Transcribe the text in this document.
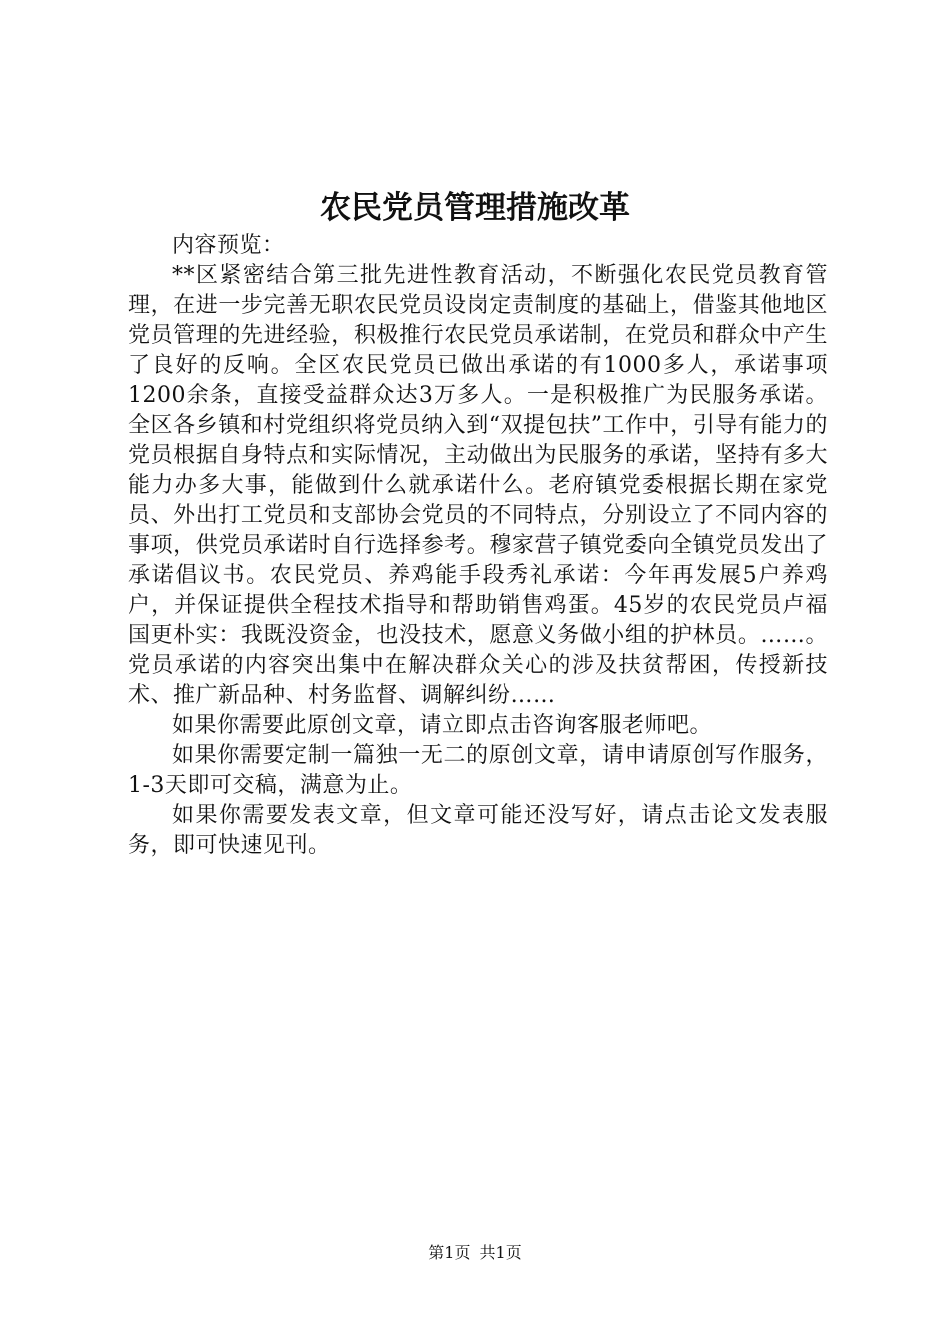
农民党员管理措施改革

内容预览：

**区紧密结合第三批先进性教育活动，不断强化农民党员教育管理，在进一步完善无职农民党员设岗定责制度的基础上，借鉴其他地区党员管理的先进经验，积极推行农民党员承诺制，在党员和群众中产生了良好的反响。全区农民党员已做出承诺的有1000多人，承诺事项1200余条，直接受益群众达3万多人。一是积极推广为民服务承诺。全区各乡镇和村党组织将党员纳入到“双提包扶”工作中，引导有能力的党员根据自身特点和实际情况，主动做出为民服务的承诺，坚持有多大能力办多大事，能做到什么就承诺什么。老府镇党委根据长期在家党员、外出打工党员和支部协会党员的不同特点，分别设立了不同内容的事项，供党员承诺时自行选择参考。穆家营子镇党委向全镇党员发出了承诺倡议书。农民党员、养鸡能手段秀礼承诺：今年再发展5户养鸡户，并保证提供全程技术指导和帮助销售鸡蛋。45岁的农民党员卢福国更朴实：我既没资金，也没技术，愿意义务做小组的护林员。……。党员承诺的内容突出集中在解决群众关心的涉及扶贫帮困，传授新技术、推广新品种、村务监督、调解纠纷……

如果你需要此原创文章，请立即点击咨询客服老师吧。

如果你需要定制一篇独一无二的原创文章，请申请原创写作服务，1-3天即可交稿，满意为止。

如果你需要发表文章，但文章可能还没写好，请点击论文发表服务，即可快速见刊。

第1页 共1页
